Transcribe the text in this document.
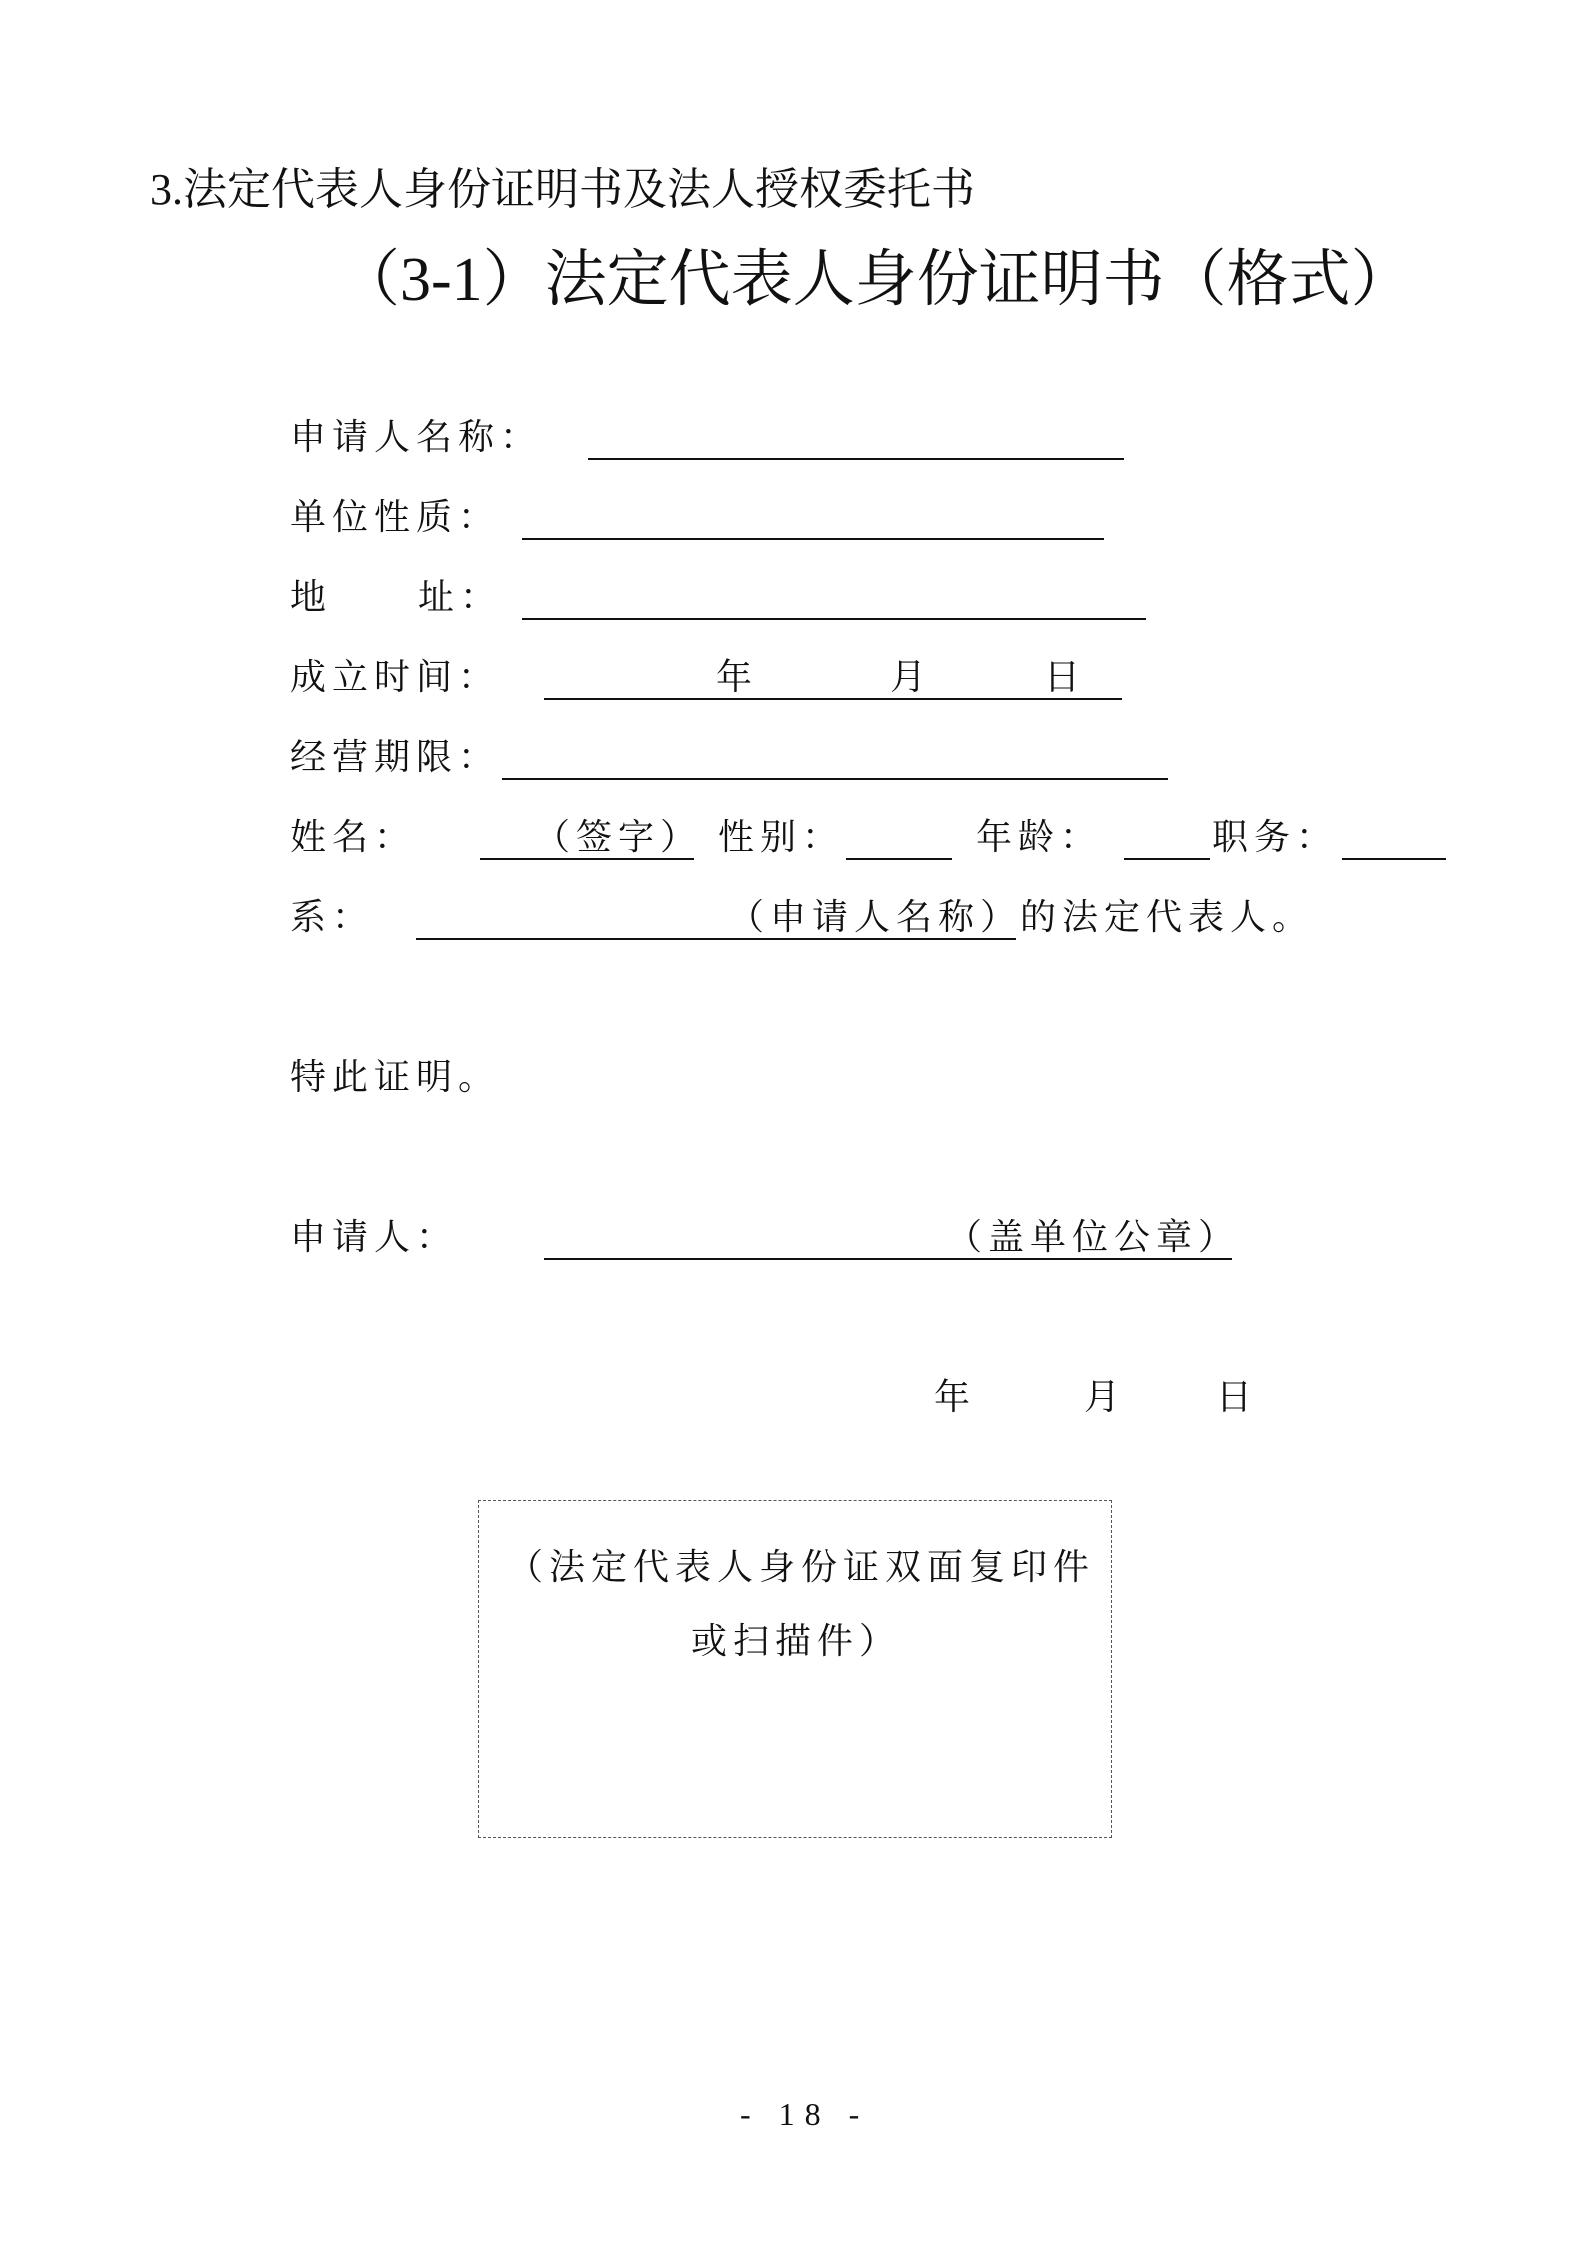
3.法定代表人身份证明书及法人授权委托书
（3-1）法定代表人身份证明书（格式）
申请人名称：
单位性质：
地 址：
成立时间：	年	月	日
经营期限：
姓名：	（签字） 性别：	年龄：	职务：
系：	（申请人名称）
的法定代表人。
特此证明。
申请人：	（盖单位公章）
年	月 日
（法定代表人身份证双面复印件
或扫描件）
- 18 -
